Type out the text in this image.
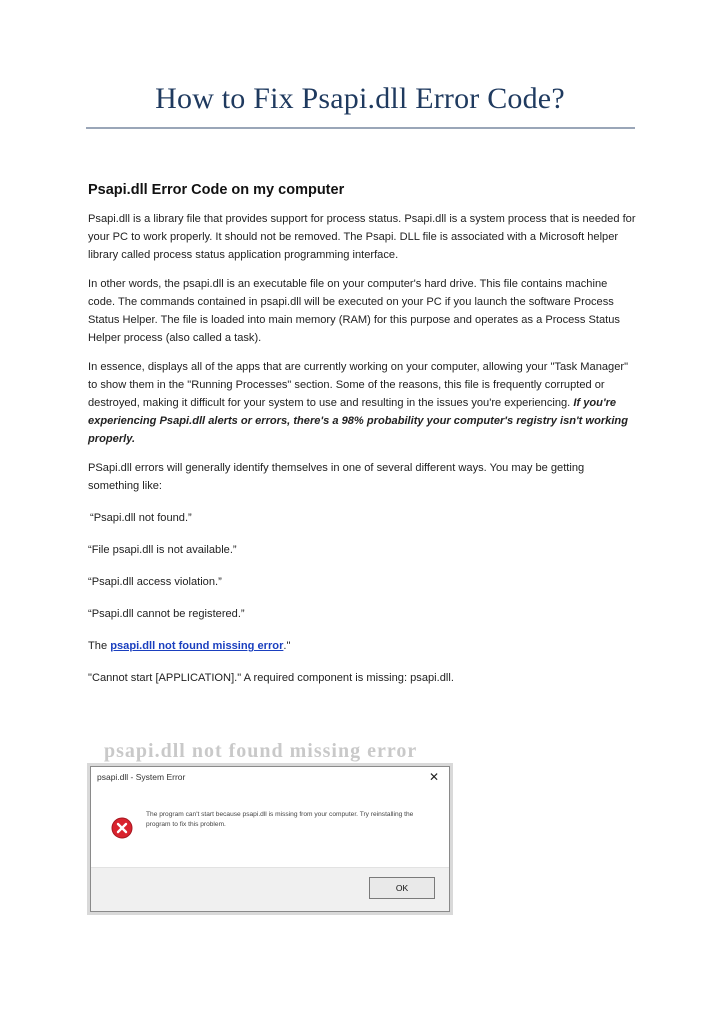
How to Fix Psapi.dll Error Code?
Psapi.dll Error Code on my computer

Psapi.dll is a library file that provides support for process status. Psapi.dll is a system process that is needed for your PC to work properly. It should not be removed. The Psapi. DLL file is associated with a Microsoft helper library called process status application programming interface.

In other words, the psapi.dll is an executable file on your computer's hard drive. This file contains machine code. The commands contained in psapi.dll will be executed on your PC if you launch the software Process Status Helper. The file is loaded into main memory (RAM) for this purpose and operates as a Process Status Helper process (also called a task).

In essence, displays all of the apps that are currently working on your computer, allowing your "Task Manager" to show them in the "Running Processes" section. Some of the reasons, this file is frequently corrupted or destroyed, making it difficult for your system to use and resulting in the issues you're experiencing. If you're experiencing Psapi.dll alerts or errors, there's a 98% probability your computer's registry isn't working properly.

PSapi.dll errors will generally identify themselves in one of several different ways. You may be getting something like:

“Psapi.dll not found.”

“File psapi.dll is not available.”

“Psapi.dll access violation.”

“Psapi.dll cannot be registered.”

The psapi.dll not found missing error."

"Cannot start [APPLICATION]." A required component is missing: psapi.dll.

psapi.dll not found missing error
psapi.dll - System Error	✕
The program can't start because psapi.dll is missing from your computer. Try reinstalling the program to fix this problem.
OK
